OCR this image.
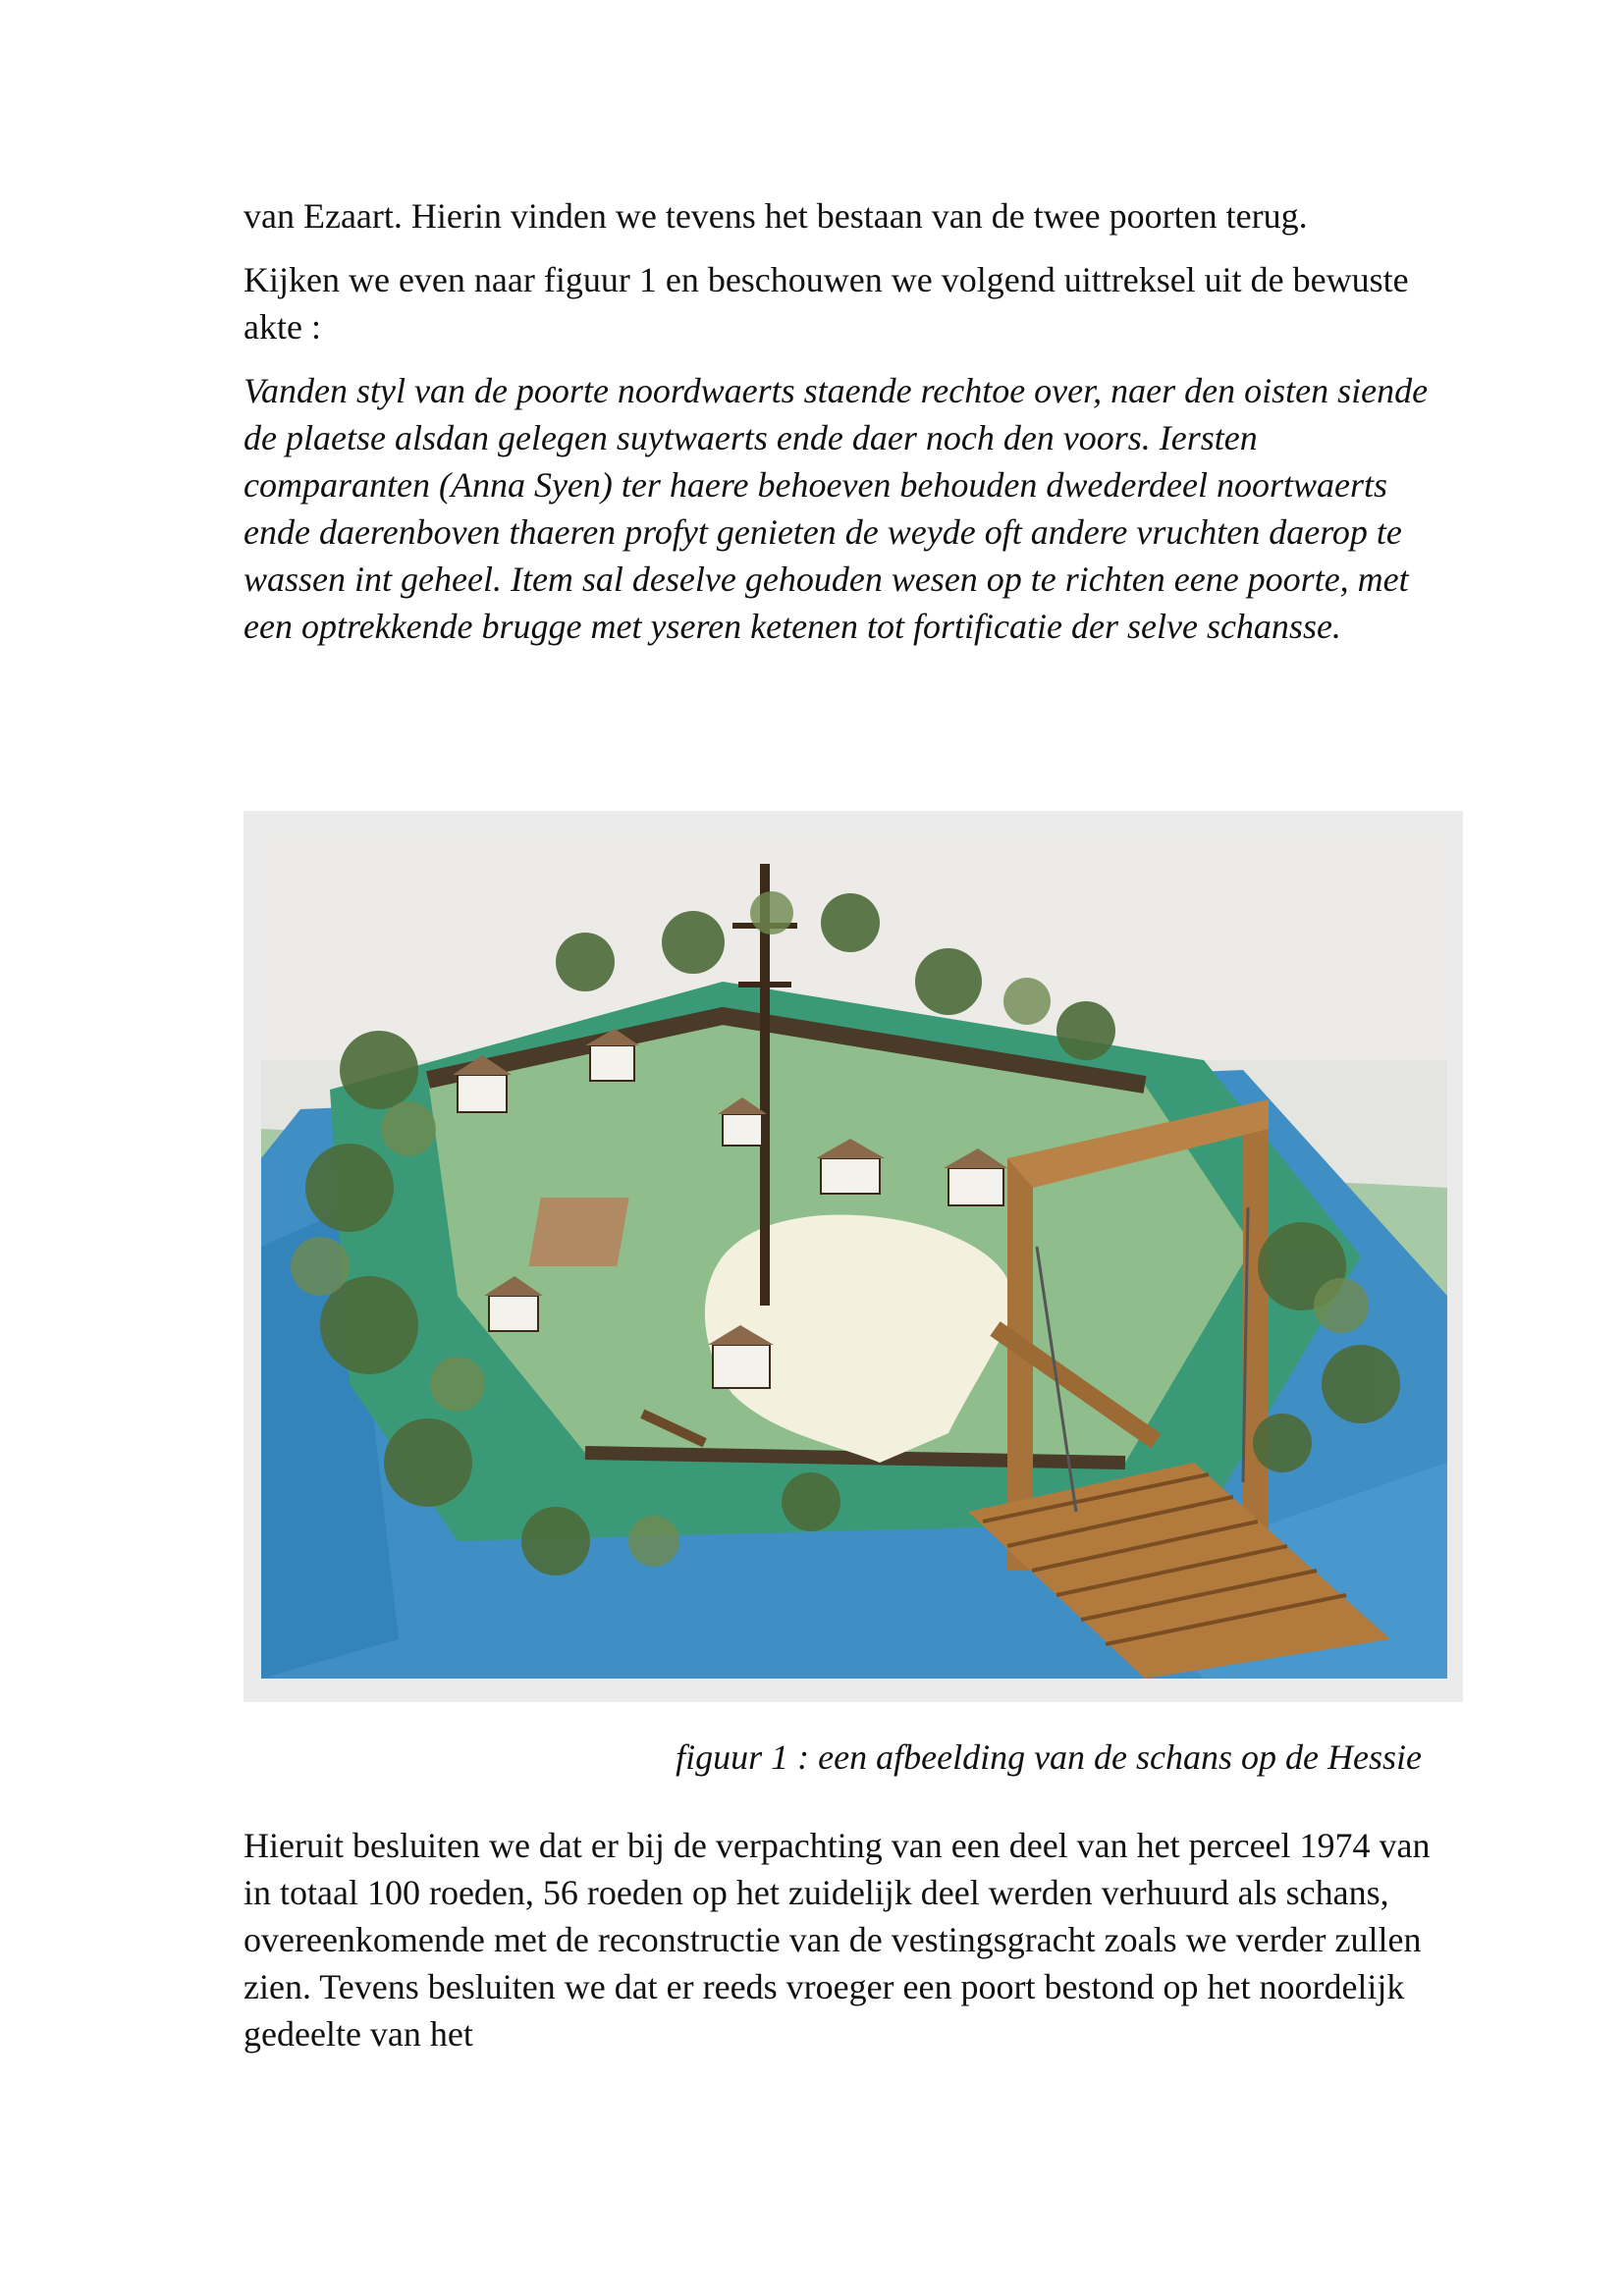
van Ezaart. Hierin vinden we tevens het bestaan van de twee poorten terug.

Kijken we even naar figuur 1 en beschouwen we volgend uittreksel uit de bewuste akte :

Vanden styl van de poorte noordwaerts staende rechtoe over, naer den oisten siende de plaetse alsdan gelegen suytwaerts ende daer noch den voors. Iersten comparanten (Anna Syen) ter haere behoeven behouden dwederdeel noortwaerts ende daerenboven thaeren profyt genieten de weyde oft andere vruchten daerop te wassen int geheel. Item sal deselve gehouden wesen op te richten eene poorte, met een optrekkende brugge met yseren ketenen tot fortificatie der selve schansse.

figuur 1 : een afbeelding van de schans op de Hessie

Hieruit besluiten we dat er bij de verpachting van een deel van het perceel 1974 van in totaal 100 roeden, 56 roeden op het zuidelijk deel werden verhuurd als schans, overeenkomende met de reconstructie van de vestingsgracht zoals we verder zullen zien. Tevens besluiten we dat er reeds vroeger een poort bestond op het noordelijk gedeelte van het
